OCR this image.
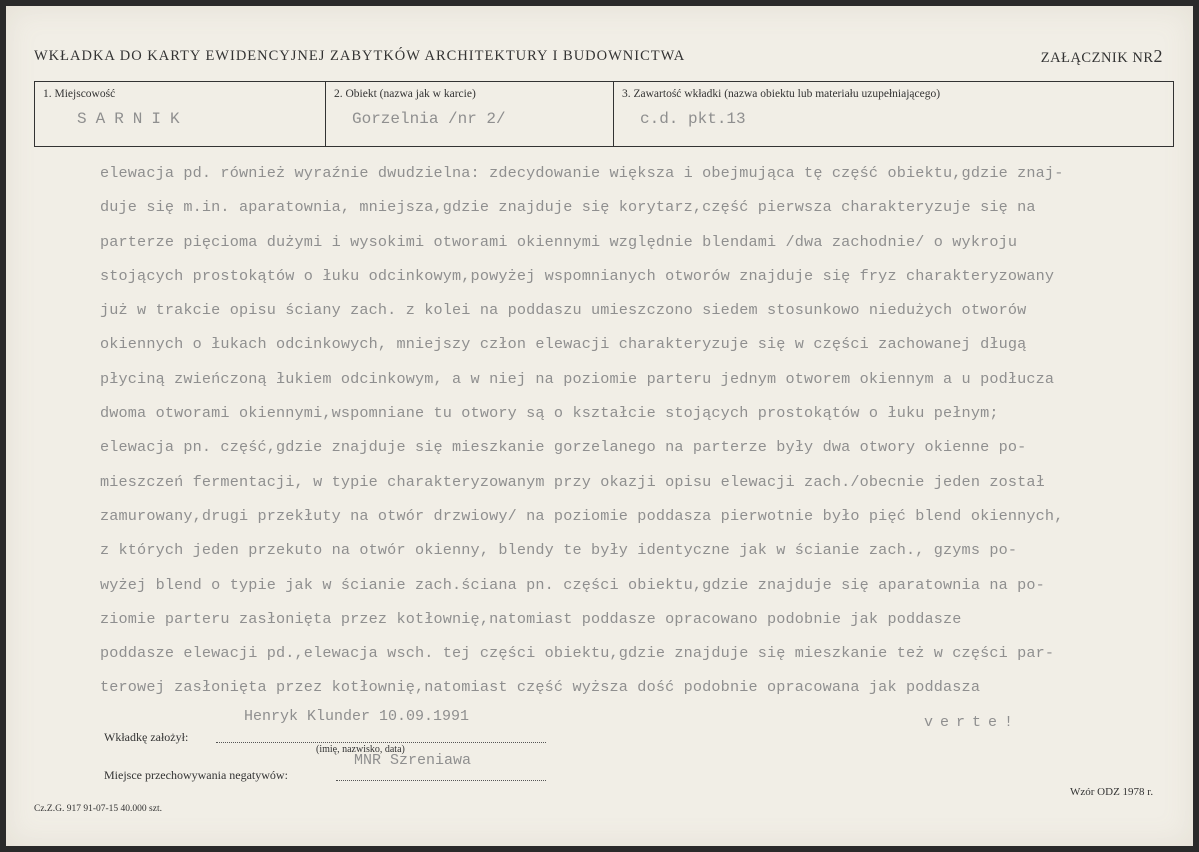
WKŁADKA DO KARTY EWIDENCYJNEJ ZABYTKÓW ARCHITEKTURY I BUDOWNICTWA	ZAŁĄCZNIK NR2
1. Miejscowość
SARNIK
2. Obiekt (nazwa jak w karcie)
Gorzelnia /nr 2/
3. Zawartość wkładki (nazwa obiektu lub materiału uzupełniającego)
c.d. pkt.13
elewacja pd. również wyraźnie dwudzielna: zdecydowanie większa i obejmująca tę część obiektu,gdzie znaj-
duje się m.in. aparatownia, mniejsza,gdzie znajduje się korytarz,część pierwsza charakteryzuje się na
parterze pięcioma dużymi i wysokimi otworami okiennymi względnie blendami /dwa zachodnie/ o wykroju
stojących prostokątów o łuku odcinkowym,powyżej wspomnianych otworów znajduje się fryz charakteryzowany
już w trakcie opisu ściany zach. z kolei na poddaszu umieszczono siedem stosunkowo niedużych otworów
okiennych o łukach odcinkowych, mniejszy człon elewacji charakteryzuje się w części zachowanej długą
płyciną zwieńczoną łukiem odcinkowym, a w niej na poziomie parteru jednym otworem okiennym a u podłucza
dwoma otworami okiennymi,wspomniane tu otwory są o kształcie stojących prostokątów o łuku pełnym;
elewacja pn. część,gdzie znajduje się mieszkanie gorzelanego na parterze były dwa otwory okienne po-
mieszczeń fermentacji, w typie charakteryzowanym przy okazji opisu elewacji zach./obecnie jeden został
zamurowany,drugi przekłuty na otwór drzwiowy/ na poziomie poddasza pierwotnie było pięć blend okiennych,
z których jeden przekuto na otwór okienny, blendy te były identyczne jak w ścianie zach., gzyms po-
wyżej blend o typie jak w ścianie zach.ściana pn. części obiektu,gdzie znajduje się aparatownia na po-
ziomie parteru zasłonięta przez kotłownię,natomiast poddasze opracowano podobnie jak poddasze
poddasze elewacji pd.,elewacja wsch. tej części obiektu,gdzie znajduje się mieszkanie też w części par-
terowej zasłonięta przez kotłownię,natomiast część wyższa dość podobnie opracowana jak poddasza
Wkładkę założył:
Henryk Klunder 10.09.1991
(imię, nazwisko, data)
Miejsce przechowywania negatywów:
MNR Szreniawa
verte!
Cz.Z.G. 917 91-07-15 40.000 szt.
Wzór ODZ 1978 r.
